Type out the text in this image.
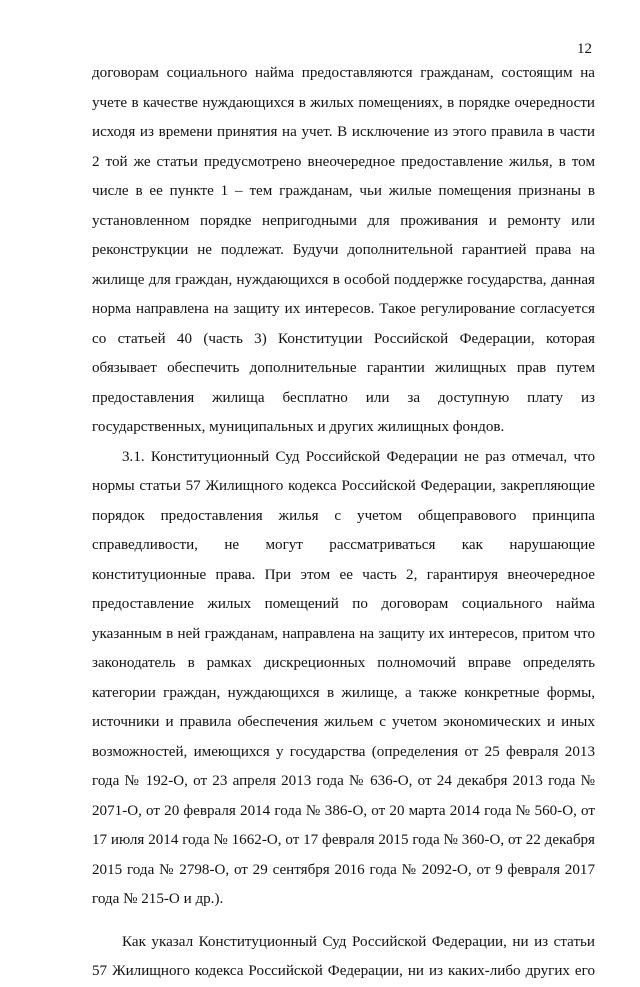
12

договорам социального найма предоставляются гражданам, состоящим на учете в качестве нуждающихся в жилых помещениях, в порядке очередности исходя из времени принятия на учет. В исключение из этого правила в части 2 той же статьи предусмотрено внеочередное предоставление жилья, в том числе в ее пункте 1 – тем гражданам, чьи жилые помещения признаны в установленном порядке непригодными для проживания и ремонту или реконструкции не подлежат. Будучи дополнительной гарантией права на жилище для граждан, нуждающихся в особой поддержке государства, данная норма направлена на защиту их интересов. Такое регулирование согласуется со статьей 40 (часть 3) Конституции Российской Федерации, которая обязывает обеспечить дополнительные гарантии жилищных прав путем предоставления жилища бесплатно или за доступную плату из государственных, муниципальных и других жилищных фондов.

3.1. Конституционный Суд Российской Федерации не раз отмечал, что нормы статьи 57 Жилищного кодекса Российской Федерации, закрепляющие порядок предоставления жилья с учетом общеправового принципа справедливости, не могут рассматриваться как нарушающие конституционные права. При этом ее часть 2, гарантируя внеочередное предоставление жилых помещений по договорам социального найма указанным в ней гражданам, направлена на защиту их интересов, притом что законодатель в рамках дискреционных полномочий вправе определять категории граждан, нуждающихся в жилище, а также конкретные формы, источники и правила обеспечения жильем с учетом экономических и иных возможностей, имеющихся у государства (определения от 25 февраля 2013 года № 192-О, от 23 апреля 2013 года № 636-О, от 24 декабря 2013 года № 2071-О, от 20 февраля 2014 года № 386-О, от 20 марта 2014 года № 560-О, от 17 июля 2014 года № 1662-О, от 17 февраля 2015 года № 360-О, от 22 декабря 2015 года № 2798-О, от 29 сентября 2016 года № 2092-О, от 9 февраля 2017 года № 215-О и др.).

Как указал Конституционный Суд Российской Федерации, ни из статьи 57 Жилищного кодекса Российской Федерации, ни из каких-либо других его
